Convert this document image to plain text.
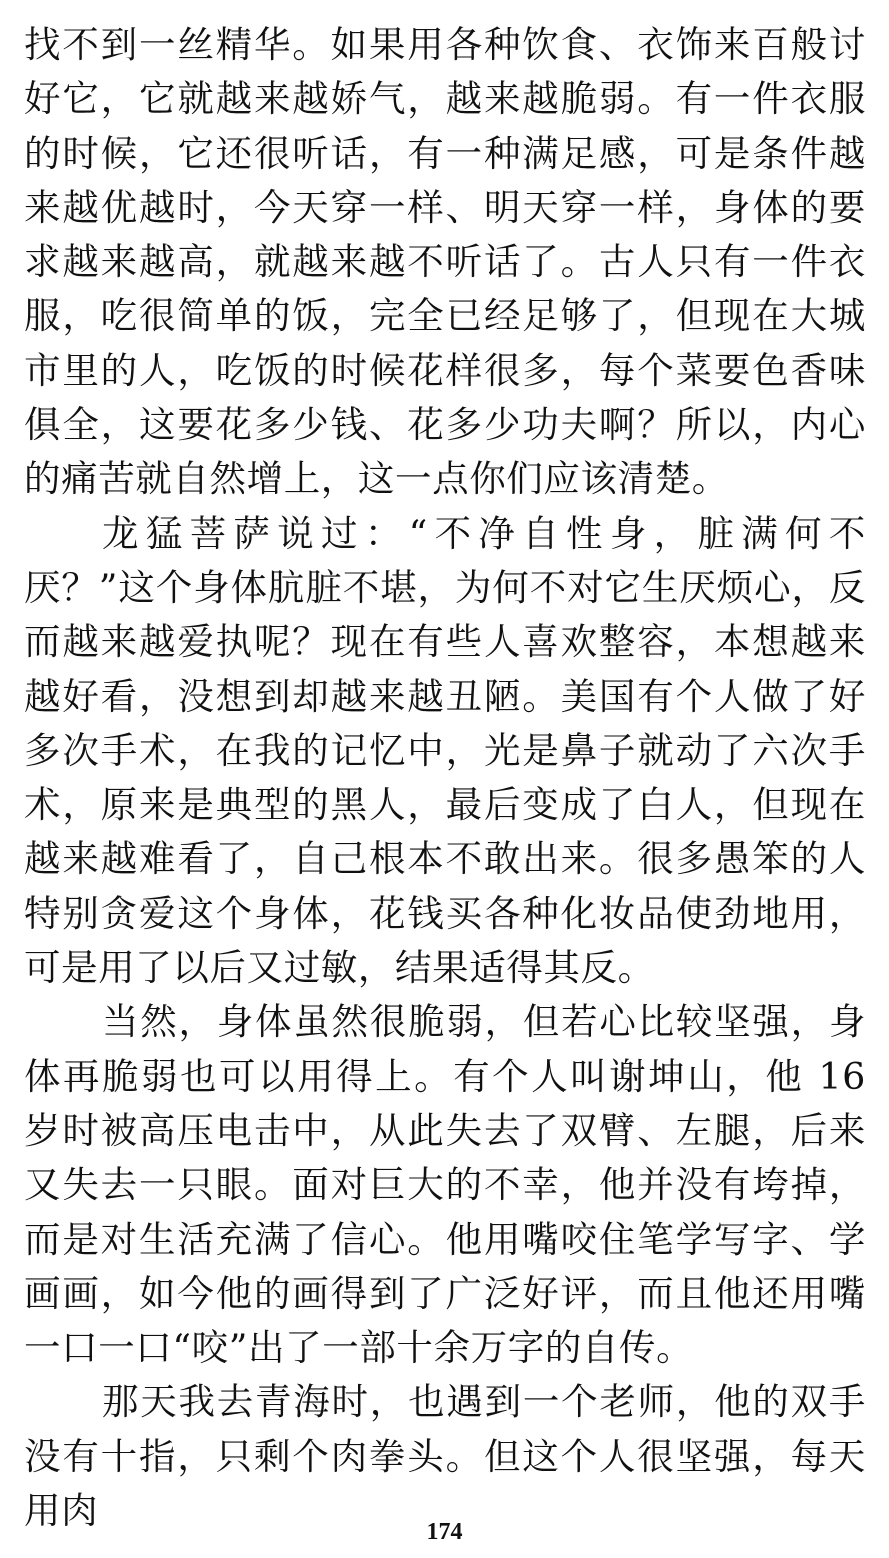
找不到一丝精华。如果用各种饮食、衣饰来百般讨好它，它就越来越娇气，越来越脆弱。有一件衣服的时候，它还很听话，有一种满足感，可是条件越来越优越时，今天穿一样、明天穿一样，身体的要求越来越高，就越来越不听话了。古人只有一件衣服，吃很简单的饭，完全已经足够了，但现在大城市里的人，吃饭的时候花样很多，每个菜要色香味俱全，这要花多少钱、花多少功夫啊？所以，内心的痛苦就自然增上，这一点你们应该清楚。

龙猛菩萨说过：“不净自性身，脏满何不厌？”这个身体肮脏不堪，为何不对它生厌烦心，反而越来越爱执呢？现在有些人喜欢整容，本想越来越好看，没想到却越来越丑陋。美国有个人做了好多次手术，在我的记忆中，光是鼻子就动了六次手术，原来是典型的黑人，最后变成了白人，但现在越来越难看了，自己根本不敢出来。很多愚笨的人特别贪爱这个身体，花钱买各种化妆品使劲地用，可是用了以后又过敏，结果适得其反。

当然，身体虽然很脆弱，但若心比较坚强，身体再脆弱也可以用得上。有个人叫谢坤山，他 16 岁时被高压电击中，从此失去了双臂、左腿，后来又失去一只眼。面对巨大的不幸，他并没有垮掉，而是对生活充满了信心。他用嘴咬住笔学写字、学画画，如今他的画得到了广泛好评，而且他还用嘴一口一口“咬”出了一部十余万字的自传。

那天我去青海时，也遇到一个老师，他的双手没有十指，只剩个肉拳头。但这个人很坚强，每天用肉	174
